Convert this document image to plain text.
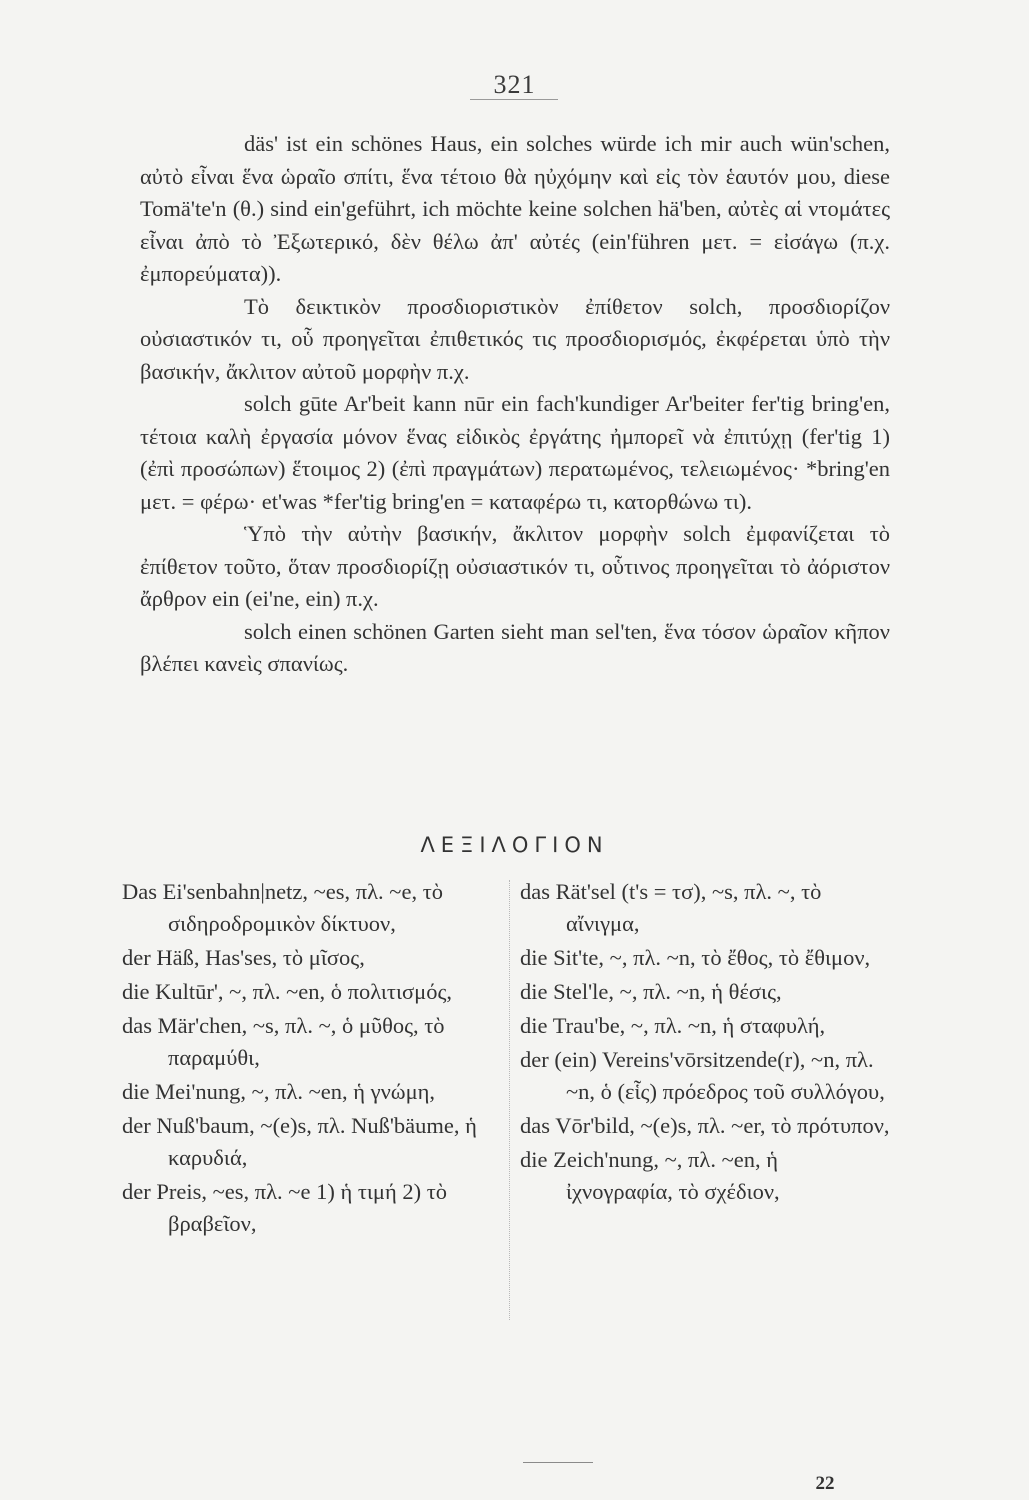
321

däs' ist ein schönes Haus, ein solches würde ich mir auch wün'schen, αὐτὸ εἶναι ἕνα ὡραῖο σπίτι, ἕνα τέτοιο θὰ ηὐχόμην καὶ εἰς τὸν ἑαυτόν μου, diese Tomä'te'n (θ.) sind ein'geführt, ich möchte keine solchen hä'ben, αὐτὲς αἱ ντομάτες εἶναι ἀπὸ τὸ Ἐξωτερικό, δὲν θέλω ἀπ' αὐτές (ein'führen μετ. = εἰσάγω (π.χ. ἐμπορεύματα)).

Τὸ δεικτικὸν προσδιοριστικὸν ἐπίθετον solch, προσδιορίζον οὐσιαστικόν τι, οὗ προηγεῖται ἐπιθετικός τις προσδιορισμός, ἐκφέρεται ὑπὸ τὴν βασικήν, ἄκλιτον αὐτοῦ μορφὴν π.χ.

solch gūte Ar'beit kann nūr ein fach'kundiger Ar'beiter fer'tig bring'en, τέτοια καλὴ ἐργασία μόνον ἕνας εἰδικὸς ἐργάτης ἠμπορεῖ νὰ ἐπιτύχῃ (fer'tig 1) (ἐπὶ προσώπων) ἕτοιμος 2) (ἐπὶ πραγμάτων) περατωμένος, τελειωμένος· *bring'en μετ. = φέρω· et'was *fer'tig bring'en = καταφέρω τι, κατορθώνω τι).

Ὑπὸ τὴν αὐτὴν βασικήν, ἄκλιτον μορφὴν solch ἐμφανίζεται τὸ ἐπίθετον τοῦτο, ὅταν προσδιορίζῃ οὐσιαστικόν τι, οὗτινος προηγεῖται τὸ ἀόριστον ἄρθρον ein (ei'ne, ein) π.χ.

solch einen schönen Garten sieht man sel'ten, ἕνα τόσον ὡραῖον κῆπον βλέπει κανεὶς σπανίως.

ΛΕΞΙΛΟΓΙΟΝ

Das Ei'senbahn|netz, ~es, πλ. ~e, τὸ σιδηροδρομικὸν δίκτυον,

der Häß, Has'ses, τὸ μῖσος,

die Kultūr', ~, πλ. ~en, ὁ πολιτισμός,

das Mär'chen, ~s, πλ. ~, ὁ μῦθος, τὸ παραμύθι,

die Mei'nung, ~, πλ. ~en, ἡ γνώμη,

der Nuß'baum, ~(e)s, πλ. Nuß'bäume, ἡ καρυδιά,

der Preis, ~es, πλ. ~e 1) ἡ τιμή 2) τὸ βραβεῖον,

das Rät'sel (t's = τσ), ~s, πλ. ~, τὸ αἴνιγμα,

die Sit'te, ~, πλ. ~n, τὸ ἔθος, τὸ ἔθιμον,

die Stel'le, ~, πλ. ~n, ἡ θέσις,

die Trau'be, ~, πλ. ~n, ἡ σταφυλή,

der (ein) Vereins'vōrsitzende(r), ~n, πλ. ~n, ὁ (εἷς) πρόεδρος τοῦ συλλόγου,

das Vōr'bild, ~(e)s, πλ. ~er, τὸ πρότυπον,

die Zeich'nung, ~, πλ. ~en, ἡ ἰχνογραφία, τὸ σχέδιον,

22
